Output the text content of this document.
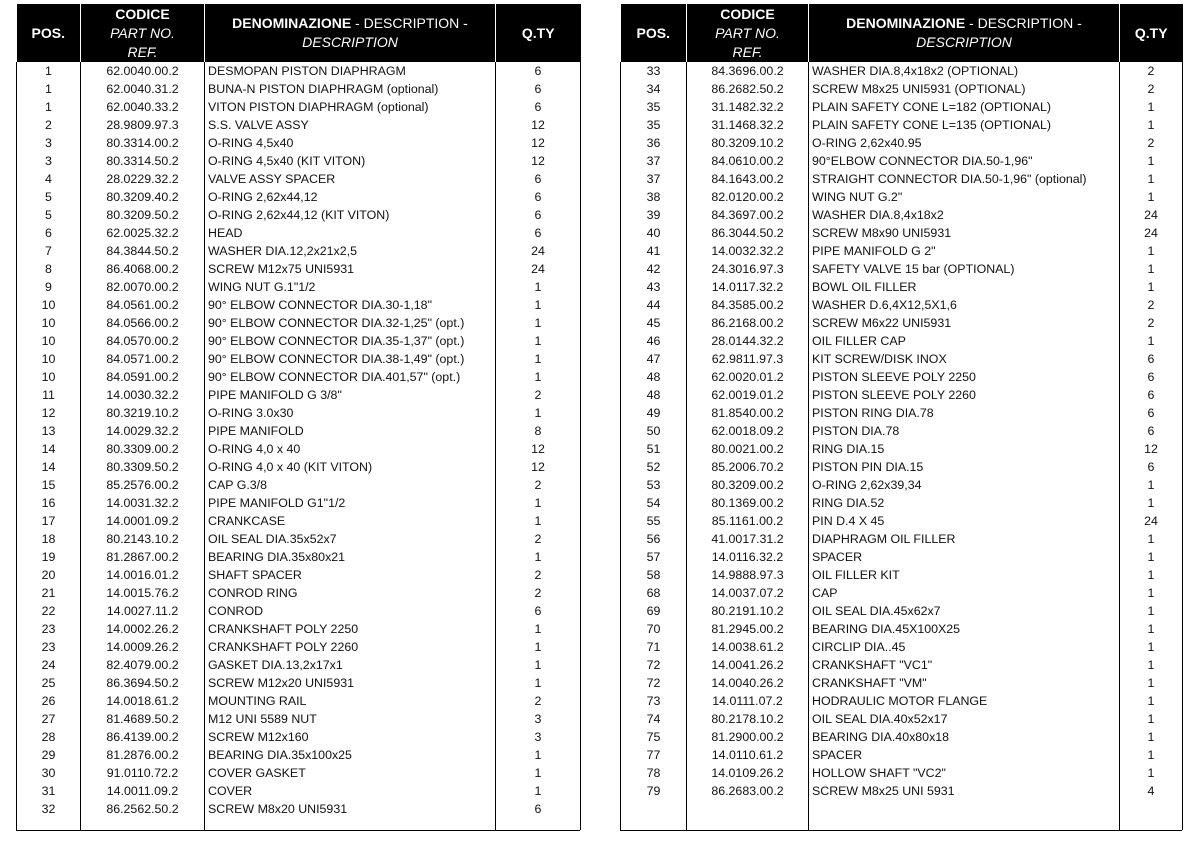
POS.	CODICE
PART NO.
REF.	DENOMINAZIONE - DESCRIPTION -
DESCRIPTION	Q.TY
1	62.0040.00.2	DESMOPAN PISTON DIAPHRAGM	6
1	62.0040.31.2	BUNA-N PISTON DIAPHRAGM (optional)	6
1	62.0040.33.2	VITON PISTON DIAPHRAGM (optional)	6
2	28.9809.97.3	S.S. VALVE ASSY	12
3	80.3314.00.2	O-RING 4,5x40	12
3	80.3314.50.2	O-RING 4,5x40 (KIT VITON)	12
4	28.0229.32.2	VALVE ASSY SPACER	6
5	80.3209.40.2	O-RING 2,62x44,12	6
5	80.3209.50.2	O-RING 2,62x44,12 (KIT VITON)	6
6	62.0025.32.2	HEAD	6
7	84.3844.50.2	WASHER DIA.12,2x21x2,5	24
8	86.4068.00.2	SCREW M12x75 UNI5931	24
9	82.0070.00.2	WING NUT G.1"1/2	1
10	84.0561.00.2	90° ELBOW CONNECTOR DIA.30-1,18"	1
10	84.0566.00.2	90° ELBOW CONNECTOR DIA.32-1,25" (opt.)	1
10	84.0570.00.2	90° ELBOW CONNECTOR DIA.35-1,37" (opt.)	1
10	84.0571.00.2	90° ELBOW CONNECTOR DIA.38-1,49" (opt.)	1
10	84.0591.00.2	90° ELBOW CONNECTOR DIA.401,57" (opt.)	1
11	14.0030.32.2	PIPE MANIFOLD G 3/8"	2
12	80.3219.10.2	O-RING 3.0x30	1
13	14.0029.32.2	PIPE MANIFOLD	8
14	80.3309.00.2	O-RING 4,0 x 40	12
14	80.3309.50.2	O-RING 4,0 x 40 (KIT VITON)	12
15	85.2576.00.2	CAP G.3/8	2
16	14.0031.32.2	PIPE MANIFOLD G1"1/2	1
17	14.0001.09.2	CRANKCASE	1
18	80.2143.10.2	OIL SEAL DIA.35x52x7	2
19	81.2867.00.2	BEARING DIA.35x80x21	1
20	14.0016.01.2	SHAFT SPACER	2
21	14.0015.76.2	CONROD RING	2
22	14.0027.11.2	CONROD	6
23	14.0002.26.2	CRANKSHAFT POLY 2250	1
23	14.0009.26.2	CRANKSHAFT POLY 2260	1
24	82.4079.00.2	GASKET DIA.13,2x17x1	1
25	86.3694.50.2	SCREW M12x20 UNI5931	1
26	14.0018.61.2	MOUNTING RAIL	2
27	81.4689.50.2	M12 UNI 5589 NUT	3
28	86.4139.00.2	SCREW M12x160	3
29	81.2876.00.2	BEARING DIA.35x100x25	1
30	91.0110.72.2	COVER GASKET	1
31	14.0011.09.2	COVER	1
32	86.2562.50.2	SCREW M8x20 UNI5931	6

POS.	CODICE
PART NO.
REF.	DENOMINAZIONE - DESCRIPTION -
DESCRIPTION	Q.TY
33	84.3696.00.2	WASHER DIA.8,4x18x2 (OPTIONAL)	2
34	86.2682.50.2	SCREW M8x25 UNI5931 (OPTIONAL)	2
35	31.1482.32.2	PLAIN SAFETY CONE L=182 (OPTIONAL)	1
35	31.1468.32.2	PLAIN SAFETY CONE L=135 (OPTIONAL)	1
36	80.3209.10.2	O-RING 2,62x40.95	2
37	84.0610.00.2	90°ELBOW CONNECTOR DIA.50-1,96"	1
37	84.1643.00.2	STRAIGHT CONNECTOR DIA.50-1,96" (optional)	1
38	82.0120.00.2	WING NUT G.2"	1
39	84.3697.00.2	WASHER DIA.8,4x18x2	24
40	86.3044.50.2	SCREW M8x90 UNI5931	24
41	14.0032.32.2	PIPE MANIFOLD G 2"	1
42	24.3016.97.3	SAFETY VALVE 15 bar (OPTIONAL)	1
43	14.0117.32.2	BOWL OIL FILLER	1
44	84.3585.00.2	WASHER D.6,4X12,5X1,6	2
45	86.2168.00.2	SCREW M6x22 UNI5931	2
46	28.0144.32.2	OIL FILLER CAP	1
47	62.9811.97.3	KIT SCREW/DISK INOX	6
48	62.0020.01.2	PISTON SLEEVE POLY 2250	6
48	62.0019.01.2	PISTON SLEEVE POLY 2260	6
49	81.8540.00.2	PISTON RING DIA.78	6
50	62.0018.09.2	PISTON DIA.78	6
51	80.0021.00.2	RING DIA.15	12
52	85.2006.70.2	PISTON PIN DIA.15	6
53	80.3209.00.2	O-RING 2,62x39,34	1
54	80.1369.00.2	RING DIA.52	1
55	85.1161.00.2	PIN D.4 X 45	24
56	41.0017.31.2	DIAPHRAGM OIL FILLER	1
57	14.0116.32.2	SPACER	1
58	14.9888.97.3	OIL FILLER KIT	1
68	14.0037.07.2	CAP	1
69	80.2191.10.2	OIL SEAL DIA.45x62x7	1
70	81.2945.00.2	BEARING DIA.45X100X25	1
71	14.0038.61.2	CIRCLIP DIA..45	1
72	14.0041.26.2	CRANKSHAFT "VC1"	1
72	14.0040.26.2	CRANKSHAFT "VM"	1
73	14.0111.07.2	HODRAULIC MOTOR FLANGE	1
74	80.2178.10.2	OIL SEAL DIA.40x52x17	1
75	81.2900.00.2	BEARING DIA.40x80x18	1
77	14.0110.61.2	SPACER	1
78	14.0109.26.2	HOLLOW SHAFT "VC2"	1
79	86.2683.00.2	SCREW M8x25 UNI 5931	4
